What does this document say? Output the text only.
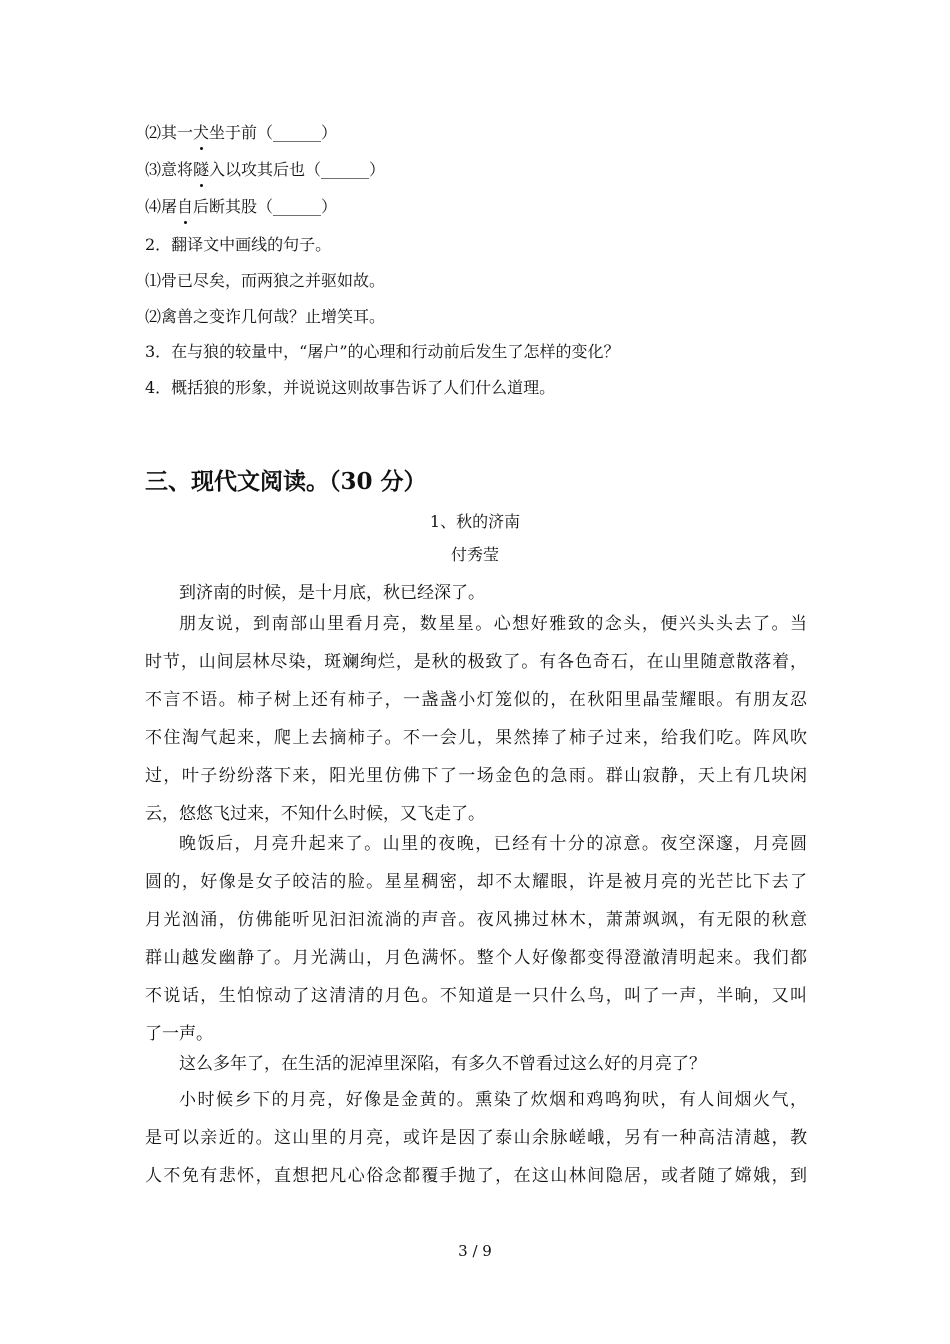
⑵其一犬坐于前（______）
⑶意将隧入以攻其后也（______）
⑷屠自后断其股（______）
2．翻译文中画线的句子。
⑴骨已尽矣，而两狼之并驱如故。
⑵禽兽之变诈几何哉？止增笑耳。
3．在与狼的较量中，“屠户”的心理和行动前后发生了怎样的变化？
4．概括狼的形象，并说说这则故事告诉了人们什么道理。
三、现代文阅读。（30 分）
1、秋的济南
付秀莹
到济南的时候，是十月底，秋已经深了。
朋友说，到南部山里看月亮，数星星。心想好雅致的念头，便兴头头去了。当
时节，山间层林尽染，斑斓绚烂，是秋的极致了。有各色奇石，在山里随意散落着，
不言不语。柿子树上还有柿子，一盏盏小灯笼似的，在秋阳里晶莹耀眼。有朋友忍
不住淘气起来，爬上去摘柿子。不一会儿，果然捧了柿子过来，给我们吃。阵风吹
过，叶子纷纷落下来，阳光里仿佛下了一场金色的急雨。群山寂静，天上有几块闲
云，悠悠飞过来，不知什么时候，又飞走了。
晚饭后，月亮升起来了。山里的夜晚，已经有十分的凉意。夜空深邃，月亮圆
圆的，好像是女子皎洁的脸。星星稠密，却不太耀眼，许是被月亮的光芒比下去了
月光汹涌，仿佛能听见汩汩流淌的声音。夜风拂过林木，萧萧飒飒，有无限的秋意
群山越发幽静了。月光满山，月色满怀。整个人好像都变得澄澈清明起来。我们都
不说话，生怕惊动了这清清的月色。不知道是一只什么鸟，叫了一声，半晌，又叫
了一声。
这么多年了，在生活的泥淖里深陷，有多久不曾看过这么好的月亮了？
小时候乡下的月亮，好像是金黄的。熏染了炊烟和鸡鸣狗吠，有人间烟火气，
是可以亲近的。这山里的月亮，或许是因了泰山余脉嵯峨，另有一种高洁清越，教
人不免有悲怀，直想把凡心俗念都覆手抛了，在这山林间隐居，或者随了嫦娥，到
3 / 9
